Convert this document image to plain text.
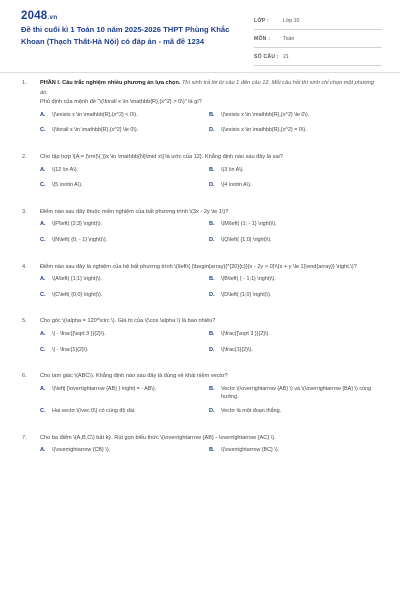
2048.vn
Đề thi cuối kì 1 Toán 10 năm 2025-2026 THPT Phùng Khắc Khoan (Thạch Thất-Hà Nội) có đáp án - mã đề 1234
LỚP :	Lớp 10
MÔN :	Toán
SỐ CÂU : 21
1. PHẦN I. Câu trắc nghiệm nhiều phương án lựa chọn. Thí sinh trả lời từ câu 1 đến câu 12. Mỗi câu hỏi thí sinh chỉ chọn một phương án.
Phủ định của mệnh đề "\(\forall x \in \mathbb{R},{x^2} > 0\)" là gì?
A.	\(\exists x \in \mathbb{R},{x^2} < 0\).	B.	\(\exists x \in \mathbb{R},{x^2} \le 0\).
C.	\(\forall x \in \mathbb{R},{x^2} \le 0\).	D.	\(\exists x \in \mathbb{R},{x^2} = 0\).
2. Cho tập hợp \[A = {\rm{\{ }}x \in \mathbb{N}\mid x\] là ước của 12}. Khẳng định nào sau đây là sai?
A.	\(12 \in A\).	B.	\(3 \in A\).
C.	\(5 \notin A\).	D.	\(4 \notin A\).
3. Điểm nào sau đây thuộc miền nghiệm của bất phương trình \(3x - 2y \le 1\)?
A.	\(P\left( {2;3} \right)\).	B.	\(M\left( {1; - 1} \right)\).
C.	\(N\left( {0; - 1} \right)\).	D.	\(Q\left( {1;0} \right)\).
4. Điểm nào sau đây là nghiệm của hệ bất phương trình \(\left\{ {\begin{array}{*{20}{c}}{x - 2y > 0}\\{x + y \le 1}\end{array}} \right.\)?
A.	\(A\left( {1;1} \right)\).	B.	\(B\left( { - 1;1} \right)\).
C.	\(C\left( {0;0} \right)\).	D.	\(D\left( {1;0} \right)\).
5. Cho góc \(\alpha = 120^\circ \). Giá trị của \(\cos \alpha \) là bao nhiêu?
A.	\( - \frac{{\sqrt 3 }}{2}\).	B.	\(\frac{{\sqrt 3 }}{2}\).
C.	\( - \frac{1}{2}\).	D.	\(\frac{1}{2}\).
6. Cho tam giác \(ABC\). Khẳng định nào sau đây là đúng về khái niệm vectơ?
A.	\(\left| {\overrightarrow {AB} } \right| = - AB\).	B.	Vectơ \(\overrightarrow {AB} \) và \(\overrightarrow {BA} \) cùng hướng.
C.	Hai vectơ \(\vec 0\) có cùng độ dài.	D.	Vectơ là một đoạn thẳng.
7. Cho ba điểm \(A,B,C\) bất kỳ. Rút gọn biểu thức \(\overrightarrow {AB} - \overrightarrow {AC} \).
A.	\(\overrightarrow {CB} \).	B.	\(\overrightarrow {BC} \).
